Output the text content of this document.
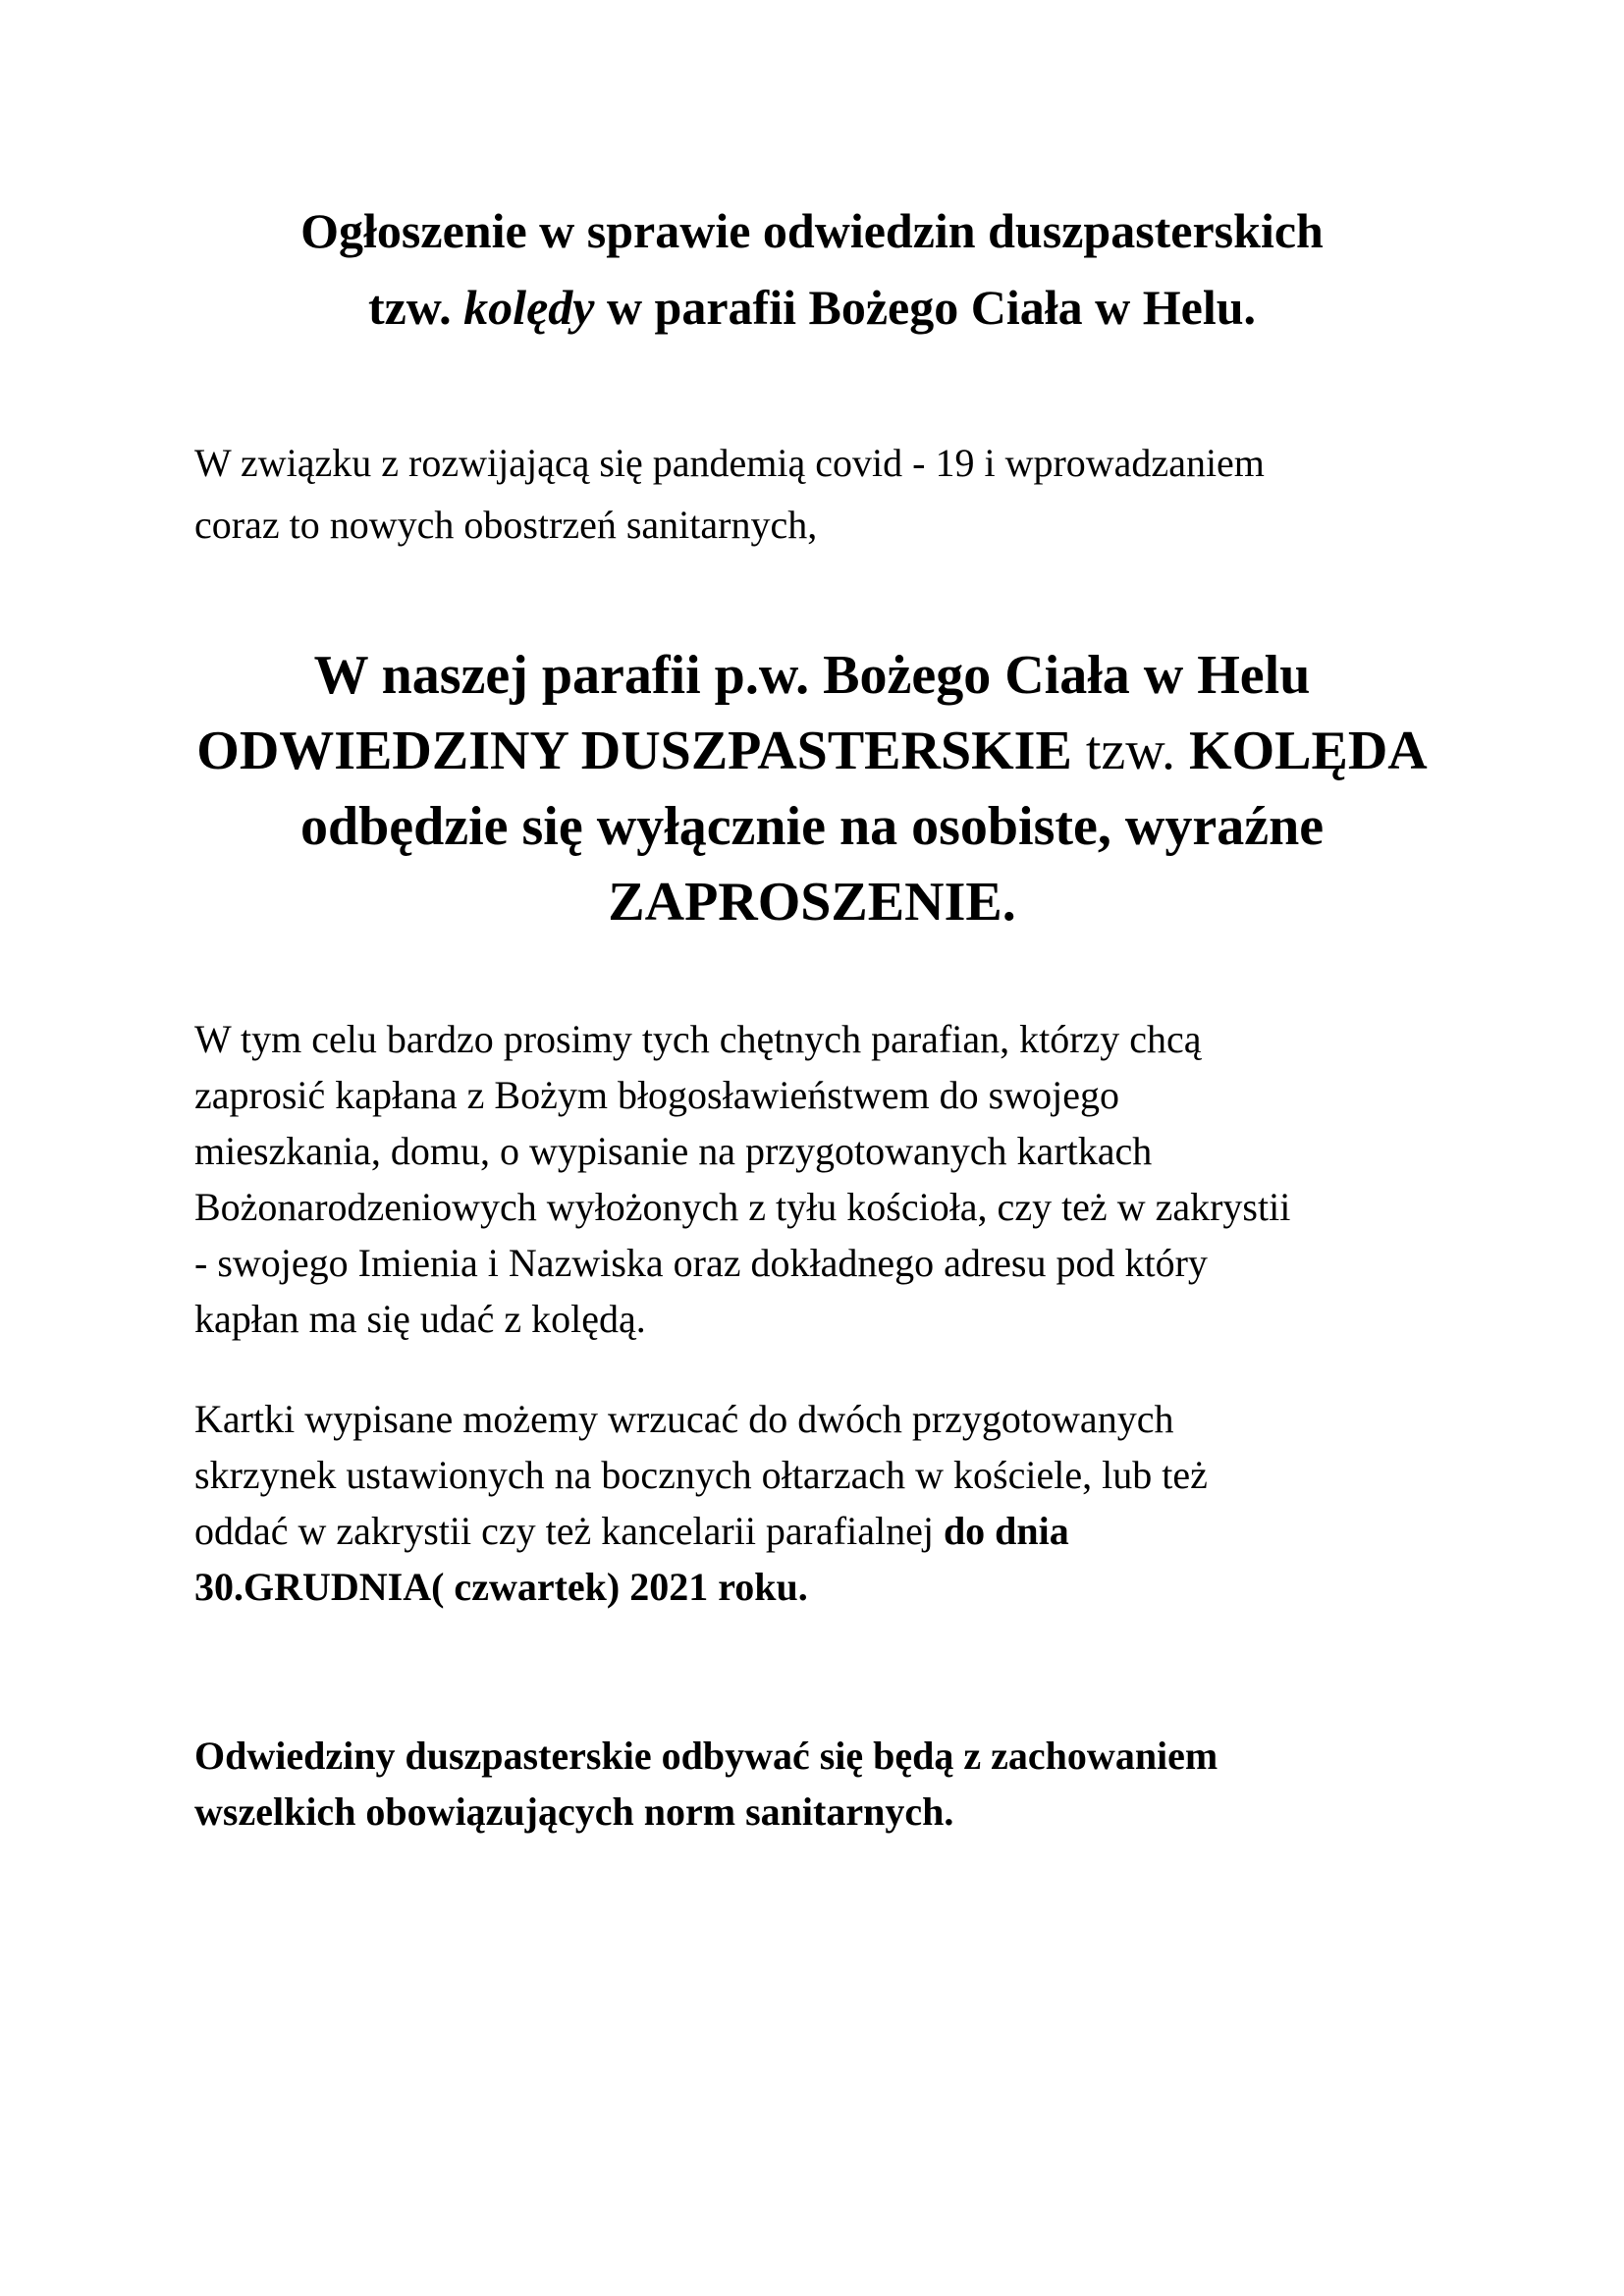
Ogłoszenie w sprawie odwiedzin duszpasterskich
tzw. kolędy w parafii Bożego Ciała w Helu.

W związku z rozwijającą się pandemią covid - 19 i wprowadzaniem
coraz to nowych obostrzeń sanitarnych,

W naszej parafii p.w. Bożego Ciała w Helu
ODWIEDZINY DUSZPASTERSKIE tzw. KOLĘDA
odbędzie się wyłącznie na osobiste, wyraźne
ZAPROSZENIE.

W tym celu bardzo prosimy tych chętnych parafian, którzy chcą
zaprosić kapłana z Bożym błogosławieństwem do swojego
mieszkania, domu, o wypisanie na przygotowanych kartkach
Bożonarodzeniowych wyłożonych z tyłu kościoła, czy też w zakrystii
- swojego Imienia i Nazwiska oraz dokładnego adresu pod który
kapłan ma się udać z kolędą.

Kartki wypisane możemy wrzucać do dwóch przygotowanych
skrzynek ustawionych na bocznych ołtarzach w kościele, lub też
oddać w zakrystii czy też kancelarii parafialnej do dnia
30.GRUDNIA( czwartek) 2021 roku.

Odwiedziny duszpasterskie odbywać się będą z zachowaniem
wszelkich obowiązujących norm sanitarnych.
